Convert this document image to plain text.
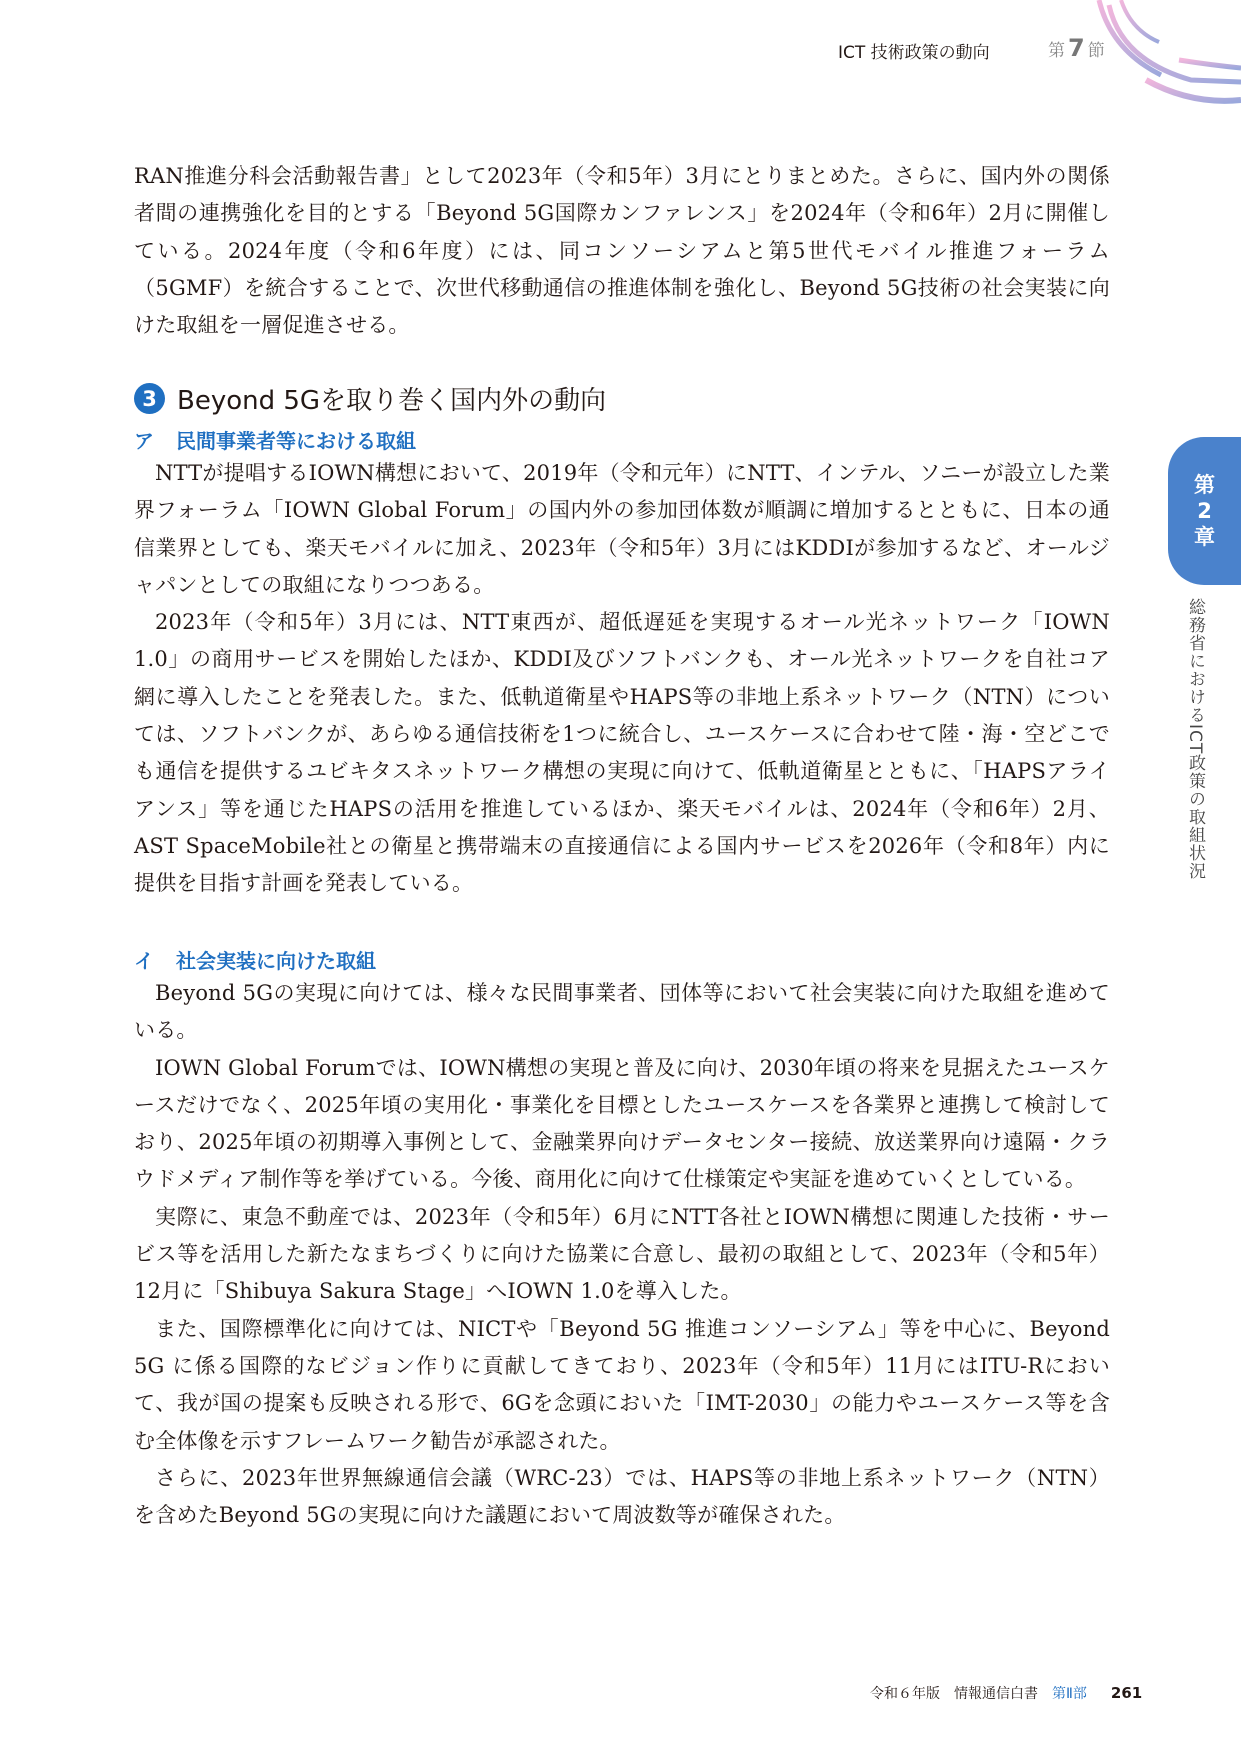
ICT 技術政策の動向	第 7 節

RAN推進分科会活動報告書」として2023年（令和5年）3月にとりまとめた。さらに、国内外の関係者間の連携強化を目的とする「Beyond 5G国際カンファレンス」を2024年（令和6年）2月に開催している。2024年度（令和6年度）には、同コンソーシアムと第5世代モバイル推進フォーラム（5GMF）を統合することで、次世代移動通信の推進体制を強化し、Beyond 5G技術の社会実装に向けた取組を一層促進させる。

3 Beyond 5Gを取り巻く国内外の動向
ア 民間事業者等における取組

NTTが提唱するIOWN構想において、2019年（令和元年）にNTT、インテル、ソニーが設立した業界フォーラム「IOWN Global Forum」の国内外の参加団体数が順調に増加するとともに、日本の通信業界としても、楽天モバイルに加え、2023年（令和5年）3月にはKDDIが参加するなど、オールジャパンとしての取組になりつつある。

2023年（令和5年）3月には、NTT東西が、超低遅延を実現するオール光ネットワーク「IOWN 1.0」の商用サービスを開始したほか、KDDI及びソフトバンクも、オール光ネットワークを自社コア網に導入したことを発表した。また、低軌道衛星やHAPS等の非地上系ネットワーク（NTN）については、ソフトバンクが、あらゆる通信技術を1つに統合し、ユースケースに合わせて陸・海・空どこでも通信を提供するユビキタスネットワーク構想の実現に向けて、低軌道衛星とともに、「HAPSアライアンス」等を通じたHAPSの活用を推進しているほか、楽天モバイルは、2024年（令和6年）2月、AST SpaceMobile社との衛星と携帯端末の直接通信による国内サービスを2026年（令和8年）内に提供を目指す計画を発表している。

イ 社会実装に向けた取組

Beyond 5Gの実現に向けては、様々な民間事業者、団体等において社会実装に向けた取組を進めている。

IOWN Global Forumでは、IOWN構想の実現と普及に向け、2030年頃の将来を見据えたユースケースだけでなく、2025年頃の実用化・事業化を目標としたユースケースを各業界と連携して検討しており、2025年頃の初期導入事例として、金融業界向けデータセンター接続、放送業界向け遠隔・クラウドメディア制作等を挙げている。今後、商用化に向けて仕様策定や実証を進めていくとしている。

実際に、東急不動産では、2023年（令和5年）6月にNTT各社とIOWN構想に関連した技術・サービス等を活用した新たなまちづくりに向けた協業に合意し、最初の取組として、2023年（令和5年）12月に「Shibuya Sakura Stage」へIOWN 1.0を導入した。

また、国際標準化に向けては、NICTや「Beyond 5G 推進コンソーシアム」等を中心に、Beyond 5G に係る国際的なビジョン作りに貢献してきており、2023年（令和5年）11月にはITU-Rにおいて、我が国の提案も反映される形で、6Gを念頭においた「IMT-2030」の能力やユースケース等を含む全体像を示すフレームワーク勧告が承認された。

さらに、2023年世界無線通信会議（WRC-23）では、HAPS等の非地上系ネットワーク（NTN）を含めたBeyond 5Gの実現に向けた議題において周波数等が確保された。

第
2
章
総務省におけるICT政策の取組状況
令和６年版 情報通信白書 第Ⅱ部 261
